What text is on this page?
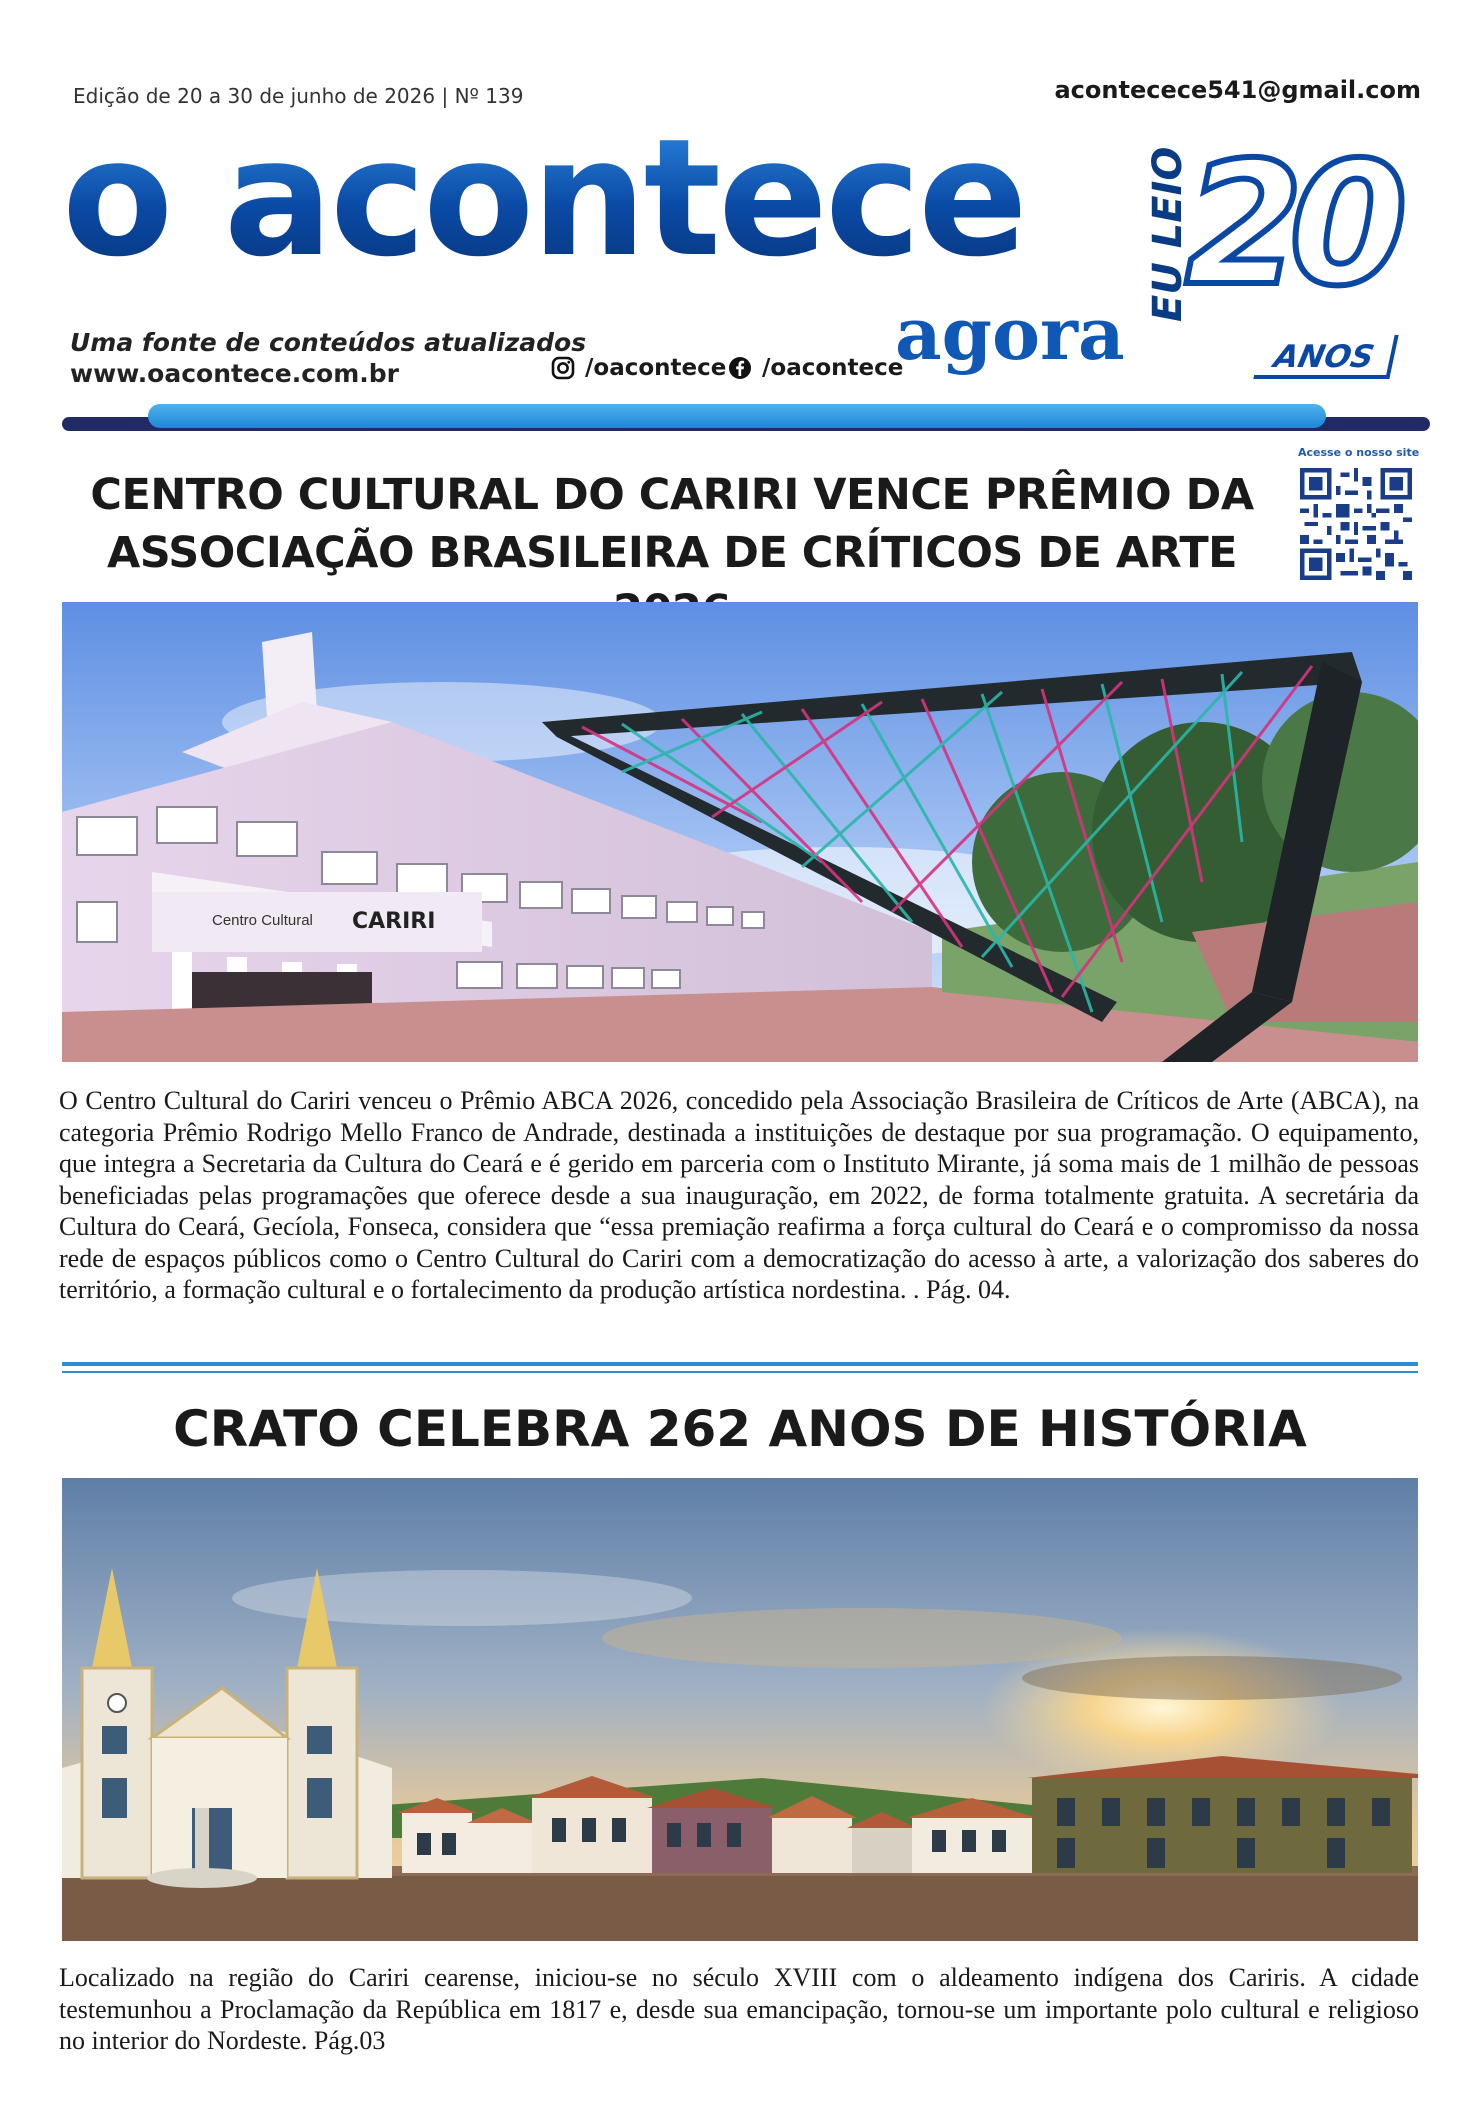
Edição de 20 a 30 de junho de 2026 | Nº 139	acontecece541@gmail.com
o acontece
agora
Uma fonte de conteúdos atualizados
www.oacontece.com.br	/oacontece /oacontece
EU LEIO
20
ANOS
Acesse o nosso site
CENTRO CULTURAL DO CARIRI VENCE PRÊMIO DA ASSOCIAÇÃO BRASILEIRA DE CRÍTICOS DE ARTE
Centro Cultural CARIRI
O Centro Cultural do Cariri venceu o Prêmio ABCA 2026, concedido pela Associação Brasileira de Críticos de Arte (ABCA), na categoria Prêmio Rodrigo Mello Franco de Andrade, destinada a instituições de destaque por sua programação. O equipamento, que integra a Secretaria da Cultura do Ceará e é gerido em parceria com o Instituto Mirante, já soma mais de 1 milhão de pessoas beneficiadas pelas programações que oferece desde a sua inauguração, em 2022, de forma totalmente gratuita. A secretária da Cultura do Ceará, Gecíola, Fonseca, considera que “essa premiação reafirma a força cultural do Ceará e o compromisso da nossa rede de espaços públicos como o Centro Cultural do Cariri com a democratização do acesso à arte, a valorização dos saberes do território, a formação cultural e o fortalecimento da produção artística nordestina. . Pág. 04.
CRATO CELEBRA 262 ANOS DE HISTÓRIA
Localizado na região do Cariri cearense, iniciou-se no século XVIII com o aldeamento indígena dos Cariris. A cidade testemunhou a Proclamação da República em 1817 e, desde sua emancipação, tornou-se um importante polo cultural e religioso no interior do Nordeste. Pág.03
